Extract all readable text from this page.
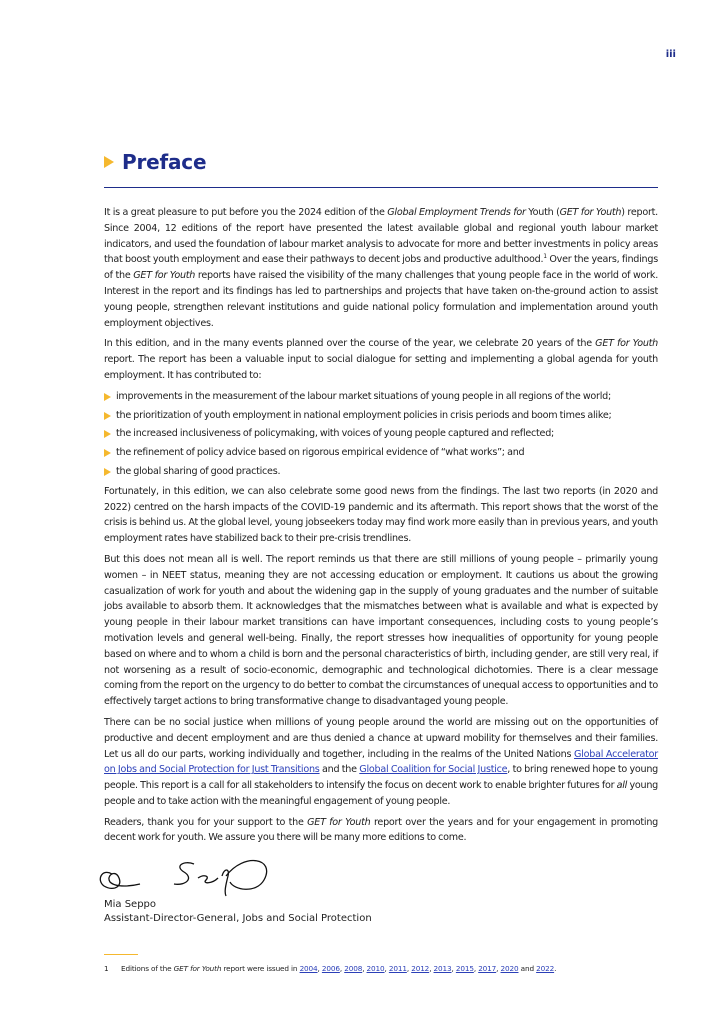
iii
Preface

It is a great pleasure to put before you the 2024 edition of the Global Employment Trends for Youth (GET for Youth) report. Since 2004, 12 editions of the report have presented the latest available global and regional youth labour market indicators, and used the foundation of labour market analysis to advocate for more and better investments in policy areas that boost youth employment and ease their pathways to decent jobs and productive adulthood.$^1$ Over the years, findings of the GET for Youth reports have raised the visibility of the many challenges that young people face in the world of work. Interest in the report and its findings has led to partnerships and projects that have taken on-the-ground action to assist young people, strengthen relevant institutions and guide national policy formulation and implementation around youth employment objectives.

In this edition, and in the many events planned over the course of the year, we celebrate 20 years of the GET for Youth report. The report has been a valuable input to social dialogue for setting and implementing a global agenda for youth employment. It has contributed to:

improvements in the measurement of the labour market situations of young people in all regions of the world;
the prioritization of youth employment in national employment policies in crisis periods and boom times alike;
the increased inclusiveness of policymaking, with voices of young people captured and reflected;
the refinement of policy advice based on rigorous empirical evidence of “what works”; and
the global sharing of good practices.

Fortunately, in this edition, we can also celebrate some good news from the findings. The last two reports (in 2020 and 2022) centred on the harsh impacts of the COVID-19 pandemic and its aftermath. This report shows that the worst of the crisis is behind us. At the global level, young jobseekers today may find work more easily than in previous years, and youth employment rates have stabilized back to their pre-crisis trendlines.

But this does not mean all is well. The report reminds us that there are still millions of young people – primarily young women – in NEET status, meaning they are not accessing education or employment. It cautions us about the growing casualization of work for youth and about the widening gap in the supply of young graduates and the number of suitable jobs available to absorb them. It acknowledges that the mismatches between what is available and what is expected by young people in their labour market transitions can have important consequences, including costs to young people’s motivation levels and general well-being. Finally, the report stresses how inequalities of opportunity for young people based on where and to whom a child is born and the personal characteristics of birth, including gender, are still very real, if not worsening as a result of socio-economic, demographic and technological dichotomies. There is a clear message coming from the report on the urgency to do better to combat the circumstances of unequal access to opportunities and to effectively target actions to bring transformative change to disadvantaged young people.

There can be no social justice when millions of young people around the world are missing out on the opportunities of productive and decent employment and are thus denied a chance at upward mobility for themselves and their families. Let us all do our parts, working individually and together, including in the realms of the United Nations Global Accelerator on Jobs and Social Protection for Just Transitions and the Global Coalition for Social Justice, to bring renewed hope to young people. This report is a call for all stakeholders to intensify the focus on decent work to enable brighter futures for all young people and to take action with the meaningful engagement of young people.

Readers, thank you for your support to the GET for Youth report over the years and for your engagement in promoting decent work for youth. We assure you there will be many more editions to come.

Mia Seppo
Assistant-Director-General, Jobs and Social Protection
1 Editions of the GET for Youth report were issued in 2004, 2006, 2008, 2010, 2011, 2012, 2013, 2015, 2017, 2020 and 2022.
